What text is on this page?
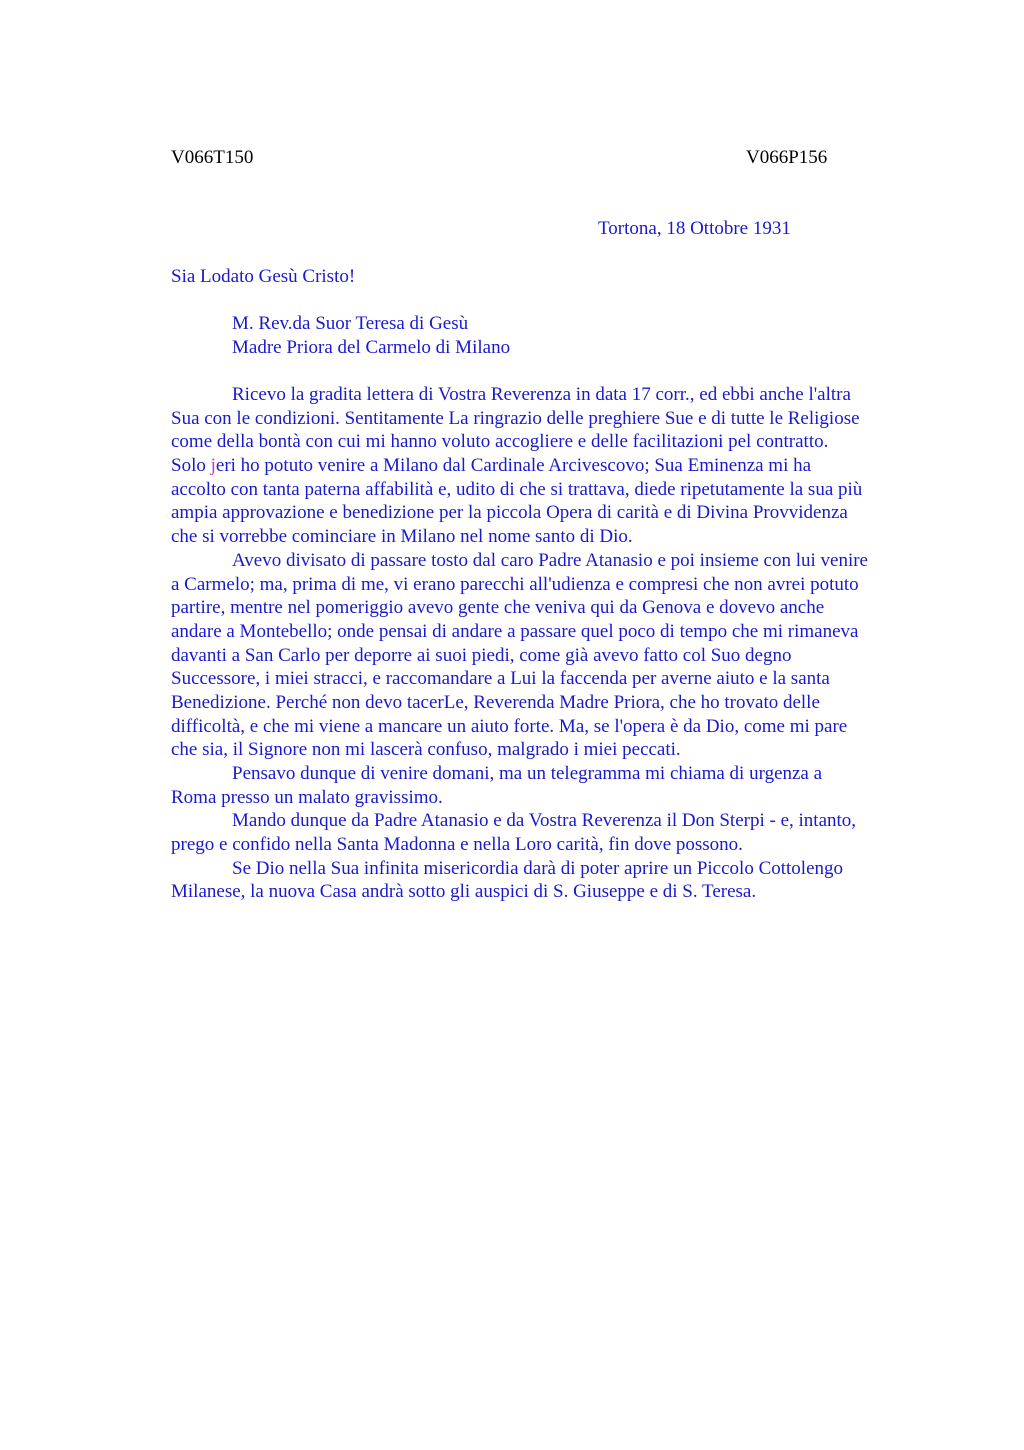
V066T150	V066P156
Tortona, 18 Ottobre 1931
Sia Lodato Gesù Cristo!
M. Rev.da Suor Teresa di Gesù
Madre Priora del Carmelo di Milano
Ricevo la gradita lettera di Vostra Reverenza in data 17 corr., ed ebbi anche l'altra
Sua con le condizioni. Sentitamente La ringrazio delle preghiere Sue e di tutte le Religiose
come della bontà con cui mi hanno voluto accogliere e delle facilitazioni pel contratto.
Solo jeri ho potuto venire a Milano dal Cardinale Arcivescovo; Sua Eminenza mi ha
accolto con tanta paterna affabilità e, udito di che si trattava, diede ripetutamente la sua più
ampia approvazione e benedizione per la piccola Opera di carità e di Divina Provvidenza
che si vorrebbe cominciare in Milano nel nome santo di Dio.
Avevo divisato di passare tosto dal caro Padre Atanasio e poi insieme con lui venire
a Carmelo; ma, prima di me, vi erano parecchi all'udienza e compresi che non avrei potuto
partire, mentre nel pomeriggio avevo gente che veniva qui da Genova e dovevo anche
andare a Montebello; onde pensai di andare a passare quel poco di tempo che mi rimaneva
davanti a San Carlo per deporre ai suoi piedi, come già avevo fatto col Suo degno
Successore, i miei stracci, e raccomandare a Lui la faccenda per averne aiuto e la santa
Benedizione. Perché non devo tacerLe, Reverenda Madre Priora, che ho trovato delle
difficoltà, e che mi viene a mancare un aiuto forte. Ma, se l'opera è da Dio, come mi pare
che sia, il Signore non mi lascerà confuso, malgrado i miei peccati.
Pensavo dunque di venire domani, ma un telegramma mi chiama di urgenza a
Roma presso un malato gravissimo.
Mando dunque da Padre Atanasio e da Vostra Reverenza il Don Sterpi - e, intanto,
prego e confido nella Santa Madonna e nella Loro carità, fin dove possono.
Se Dio nella Sua infinita misericordia darà di poter aprire un Piccolo Cottolengo
Milanese, la nuova Casa andrà sotto gli auspici di S. Giuseppe e di S. Teresa.
